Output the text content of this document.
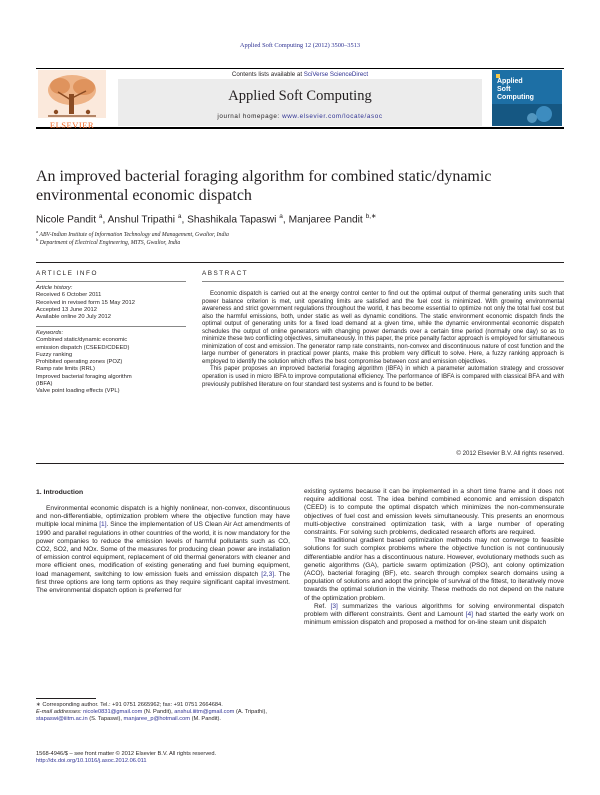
Applied Soft Computing 12 (2012) 3500–3513
Contents lists available at SciVerse ScienceDirect
Applied Soft Computing
journal homepage: www.elsevier.com/locate/asoc
ELSEVIER
Applied
Soft
Computing
An improved bacterial foraging algorithm for combined static/dynamic environmental economic dispatch
Nicole Pandit $^a$, Anshul Tripathi $^a$, Shashikala Tapaswi $^a$, Manjaree Pandit $^{b,∗}$
$^a$ ABV-Indian Institute of Information Technology and Management, Gwalior, India
$^b$ Department of Electrical Engineering, MITS, Gwalior, India
ARTICLE INFO
Article history:
Received 6 October 2011
Received in revised form 15 May 2012
Accepted 13 June 2012
Available online 20 July 2012
Keywords:
Combined static/dynamic economic
emission dispatch (CSEED/CDEED)
Fuzzy ranking
Prohibited operating zones (POZ)
Ramp rate limits (RRL)
Improved bacterial foraging algorithm
(IBFA)
Valve point loading effects (VPL)
ABSTRACT

Economic dispatch is carried out at the energy control center to find out the optimal output of thermal generating units such that power balance criterion is met, unit operating limits are satisfied and the fuel cost is minimized. With growing environmental awareness and strict government regulations throughout the world, it has become essential to optimize not only the total fuel cost but also the harmful emissions, both, under static as well as dynamic conditions. The static environment economic dispatch finds the optimal output of generating units for a fixed load demand at a given time, while the dynamic environmental economic dispatch schedules the output of online generators with changing power demands over a certain time period (normally one day) so as to minimize these two conflicting objectives, simultaneously. In this paper, the price penalty factor approach is employed for simultaneous minimization of cost and emission. The generator ramp rate constraints, non-convex and discontinuous nature of cost function and the large number of generators in practical power plants, make this problem very difficult to solve. Here, a fuzzy ranking approach is employed to identify the solution which offers the best compromise between cost and emission objectives.

This paper proposes an improved bacterial foraging algorithm (IBFA) in which a parameter automation strategy and crossover operation is used in micro IBFA to improve computational efficiency. The performance of IBFA is compared with classical BFA and with previously published literature on four standard test systems and is found to be better.

© 2012 Elsevier B.V. All rights reserved.
1. Introduction

Environmental economic dispatch is a highly nonlinear, non-convex, discontinuous and non-differentiable, optimization problem where the objective function may have multiple local minima [1]. Since the implementation of US Clean Air Act amendments of 1990 and parallel regulations in other countries of the world, it is now mandatory for the power companies to reduce the emission levels of harmful pollutants such as CO, CO2, SO2, and NOx. Some of the measures for producing clean power are installation of emission control equipment, replacement of old thermal generators with cleaner and more efficient ones, modification of existing generating and fuel burning equipment, load management, switching to low emission fuels and emission dispatch [2,3]. The first three options are long term options as they require significant capital investment. The environmental dispatch option is preferred for

existing systems because it can be implemented in a short time frame and it does not require additional cost. The idea behind combined economic and emission dispatch (CEED) is to compute the optimal dispatch which minimizes the non-commensurate objectives of fuel cost and emission levels simultaneously. This presents an enormous multi-objective constrained optimization task, with a large number of operating constraints. For solving such problems, dedicated research efforts are required.

The traditional gradient based optimization methods may not converge to feasible solutions for such complex problems where the objective function is not continuously differentiable and/or has a discontinuous nature. However, evolutionary methods such as genetic algorithms (GA), particle swarm optimization (PSO), ant colony optimization (ACO), bacterial foraging (BF), etc. search through complex search domains using a population of solutions and adopt the principle of survival of the fittest, to iteratively move towards the optimal solution in the vicinity. These methods do not depend on the nature of the optimization problem.

Ref. [3] summarizes the various algorithms for solving environmental dispatch problem with different constraints. Gent and Lamount [4] had started the early work on minimum emission dispatch and proposed a method for on-line steam unit dispatch

∗ Corresponding author. Tel.: +91 0751 2665962; fax: +91 0751 2664684.
E-mail addresses: nicole0831@gmail.com (N. Pandit), anshul.iiitm@gmail.com (A. Tripathi), stapaswi@iiitm.ac.in (S. Tapaswi), manjaree_p@hotmail.com (M. Pandit).
1568-4946/$ – see front matter © 2012 Elsevier B.V. All rights reserved.
http://dx.doi.org/10.1016/j.asoc.2012.06.011
